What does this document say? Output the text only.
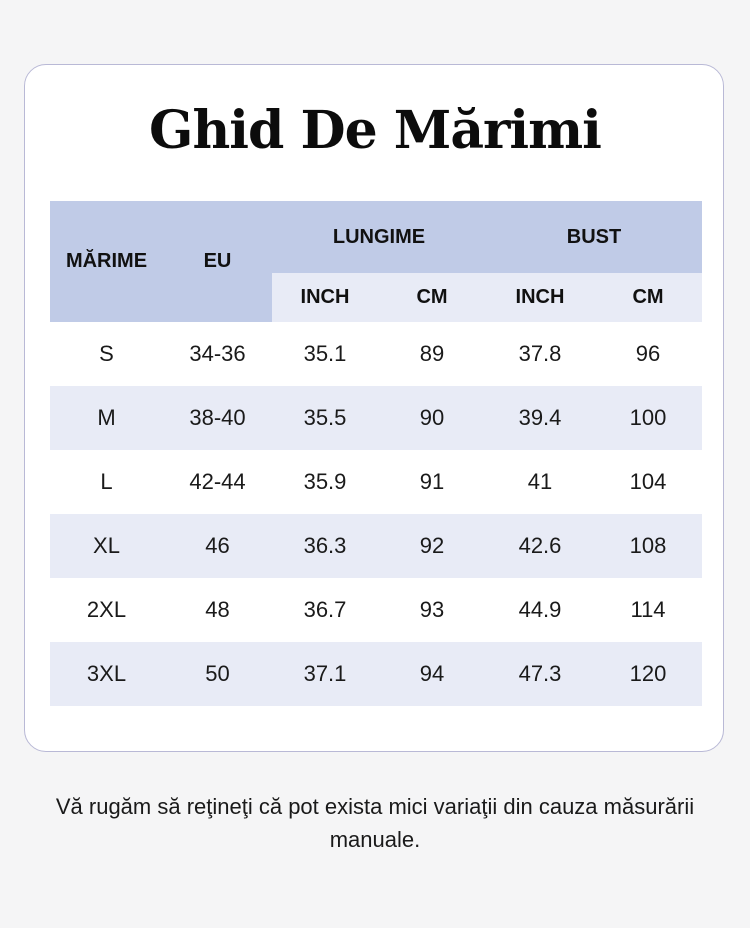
Ghid De Mărimi
MĂRIME	EU	LUNGIME		BUST	
		INCH	CM	INCH	CM
S	34-36	35.1	89	37.8	96
M	38-40	35.5	90	39.4	100
L	42-44	35.9	91	41	104
XL	46	36.3	92	42.6	108
2XL	48	36.7	93	44.9	114
3XL	50	37.1	94	47.3	120

Vă rugăm să reţineţi că pot exista mici variaţii din cauza măsurării manuale.
